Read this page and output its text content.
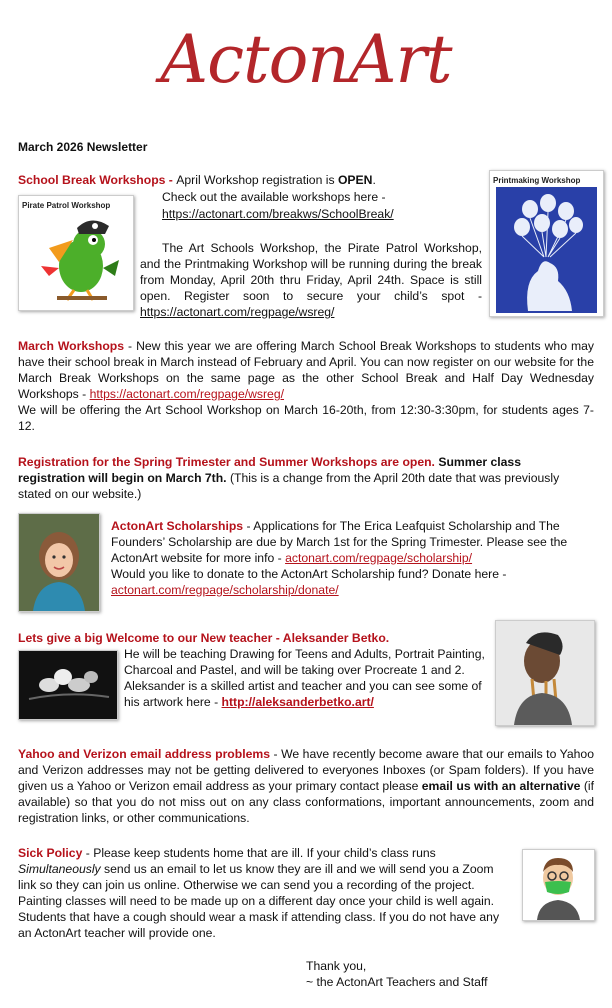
ActonArt
March 2026 Newsletter
School Break Workshops - April Workshop registration is OPEN.
Check out the available workshops here -
https://actonart.com/breakws/SchoolBreak/
Pirate Patrol Workshop
Printmaking Workshop
The Art Schools Workshop, the Pirate Patrol Workshop, and the Printmaking Workshop will be running during the break from Monday, April 20th thru Friday, April 24th. Space is still open. Register soon to secure your child’s spot - https://actonart.com/regpage/wsreg/

March Workshops - New this year we are offering March School Break Workshops to students who may have their school break in March instead of February and April. You can now register on our website for the March Break Workshops on the same page as the other School Break and Half Day Wednesday Workshops - https://actonart.com/regpage/wsreg/

We will be offering the Art School Workshop on March 16-20th, from 12:30-3:30pm, for students ages 7-12.

Registration for the Spring Trimester and Summer Workshops are open. Summer class registration will begin on March 7th. (This is a change from the April 20th date that was previously stated on our website.)
ActonArt Scholarships - Applications for The Erica Leafquist Scholarship and The Founders’ Scholarship are due by March 1st for the Spring Trimester. Please see the ActonArt website for more info - actonart.com/regpage/scholarship/
Would you like to donate to the ActonArt Scholarship fund? Donate here - actonart.com/regpage/scholarship/donate/
Lets give a big Welcome to our New teacher - Aleksander Betko.
He will be teaching Drawing for Teens and Adults, Portrait Painting, Charcoal and Pastel, and will be taking over Procreate 1 and 2. Aleksander is a skilled artist and teacher and you can see some of his artwork here - http://aleksanderbetko.art/
Yahoo and Verizon email address problems - We have recently become aware that our emails to Yahoo and Verizon addresses may not be getting delivered to everyones Inboxes (or Spam folders). If you have given us a Yahoo or Verizon email address as your primary contact please email us with an alternative (if available) so that you do not miss out on any class conformations, important announcements, zoom and registration links, or other communications.
Sick Policy - Please keep students home that are ill. If your child’s class runs Simultaneously send us an email to let us know they are ill and we will send you a Zoom link so they can join us online. Otherwise we can send you a recording of the project. Painting classes will need to be made up on a different day once your child is well again. Students that have a cough should wear a mask if attending class. If you do not have any an ActonArt teacher will provide one.
Thank you,
~ the ActonArt Teachers and Staff
